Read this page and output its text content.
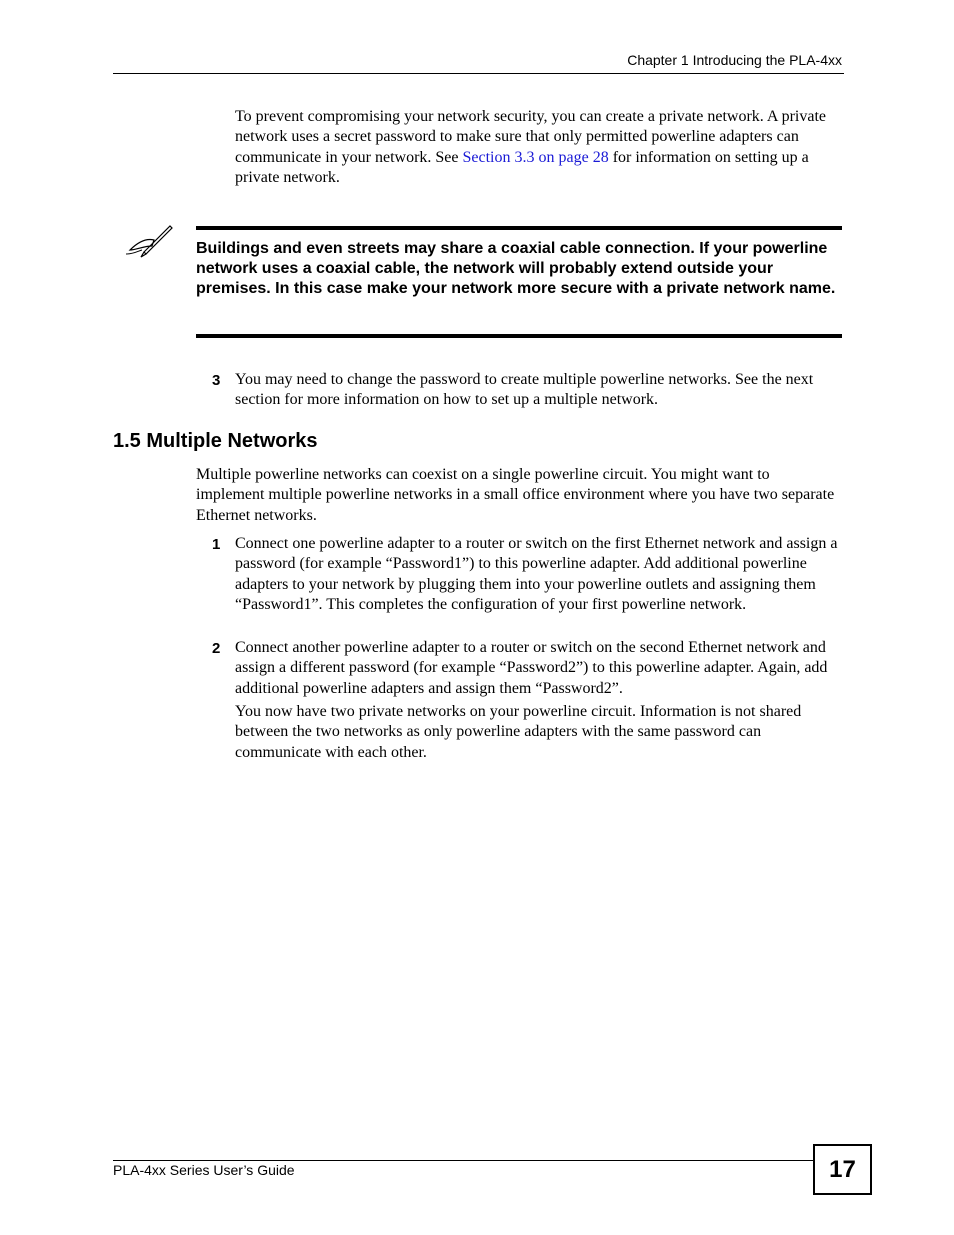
Chapter 1 Introducing the PLA-4xx

To prevent compromising your network security, you can create a private network. A private network uses a secret password to make sure that only permitted powerline adapters can communicate in your network. See Section 3.3 on page 28 for information on setting up a private network.

Buildings and even streets may share a coaxial cable connection. If your powerline network uses a coaxial cable, the network will probably extend outside your premises. In this case make your network more secure with a private network name.

3 You may need to change the password to create multiple powerline networks. See the next section for more information on how to set up a multiple network.

1.5 Multiple Networks

Multiple powerline networks can coexist on a single powerline circuit. You might want to implement multiple powerline networks in a small office environment where you have two separate Ethernet networks.

1 Connect one powerline adapter to a router or switch on the first Ethernet network and assign a password (for example “Password1”) to this powerline adapter. Add additional powerline adapters to your network by plugging them into your powerline outlets and assigning them “Password1”. This completes the configuration of your first powerline network.

2 Connect another powerline adapter to a router or switch on the second Ethernet network and assign a different password (for example “Password2”) to this powerline adapter. Again, add additional powerline adapters and assign them “Password2”.

You now have two private networks on your powerline circuit. Information is not shared between the two networks as only powerline adapters with the same password can communicate with each other.

PLA-4xx Series User’s Guide	17
